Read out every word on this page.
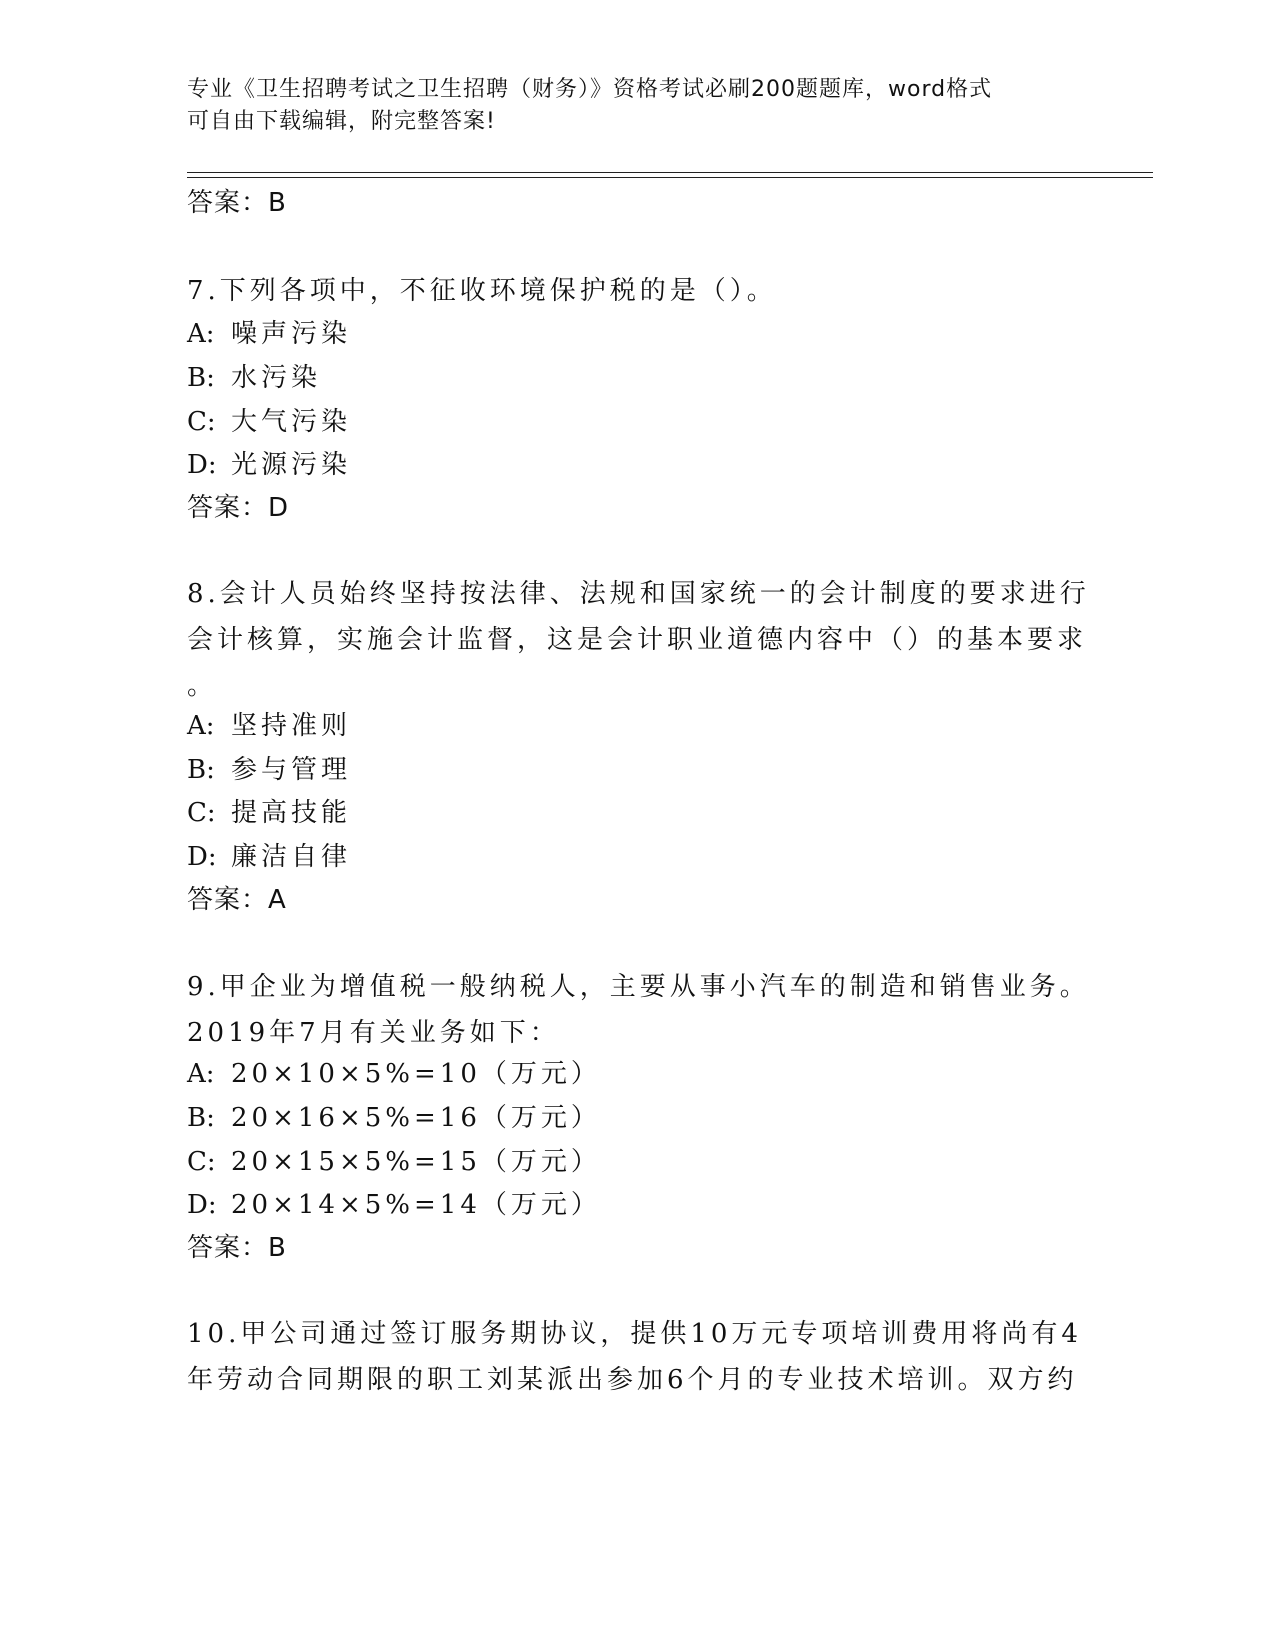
专业《卫生招聘考试之卫生招聘（财务）》资格考试必刷200题题库，word格式
可自由下载编辑，附完整答案!
答案：B
7.下列各项中，不征收环境保护税的是（）。
A: 噪声污染
B: 水污染
C: 大气污染
D: 光源污染
答案：D
8.会计人员始终坚持按法律、法规和国家统一的会计制度的要求进行
会计核算，实施会计监督，这是会计职业道德内容中（）的基本要求
。
A: 坚持准则
B: 参与管理
C: 提高技能
D: 廉洁自律
答案：A
9.甲企业为增值税一般纳税人，主要从事小汽车的制造和销售业务。
2019年7月有关业务如下：
A: 20×10×5%=10（万元）
B: 20×16×5%=16（万元）
C: 20×15×5%=15（万元）
D: 20×14×5%=14（万元）
答案：B
10.甲公司通过签订服务期协议，提供10万元专项培训费用将尚有4
年劳动合同期限的职工刘某派出参加6个月的专业技术培训。双方约
